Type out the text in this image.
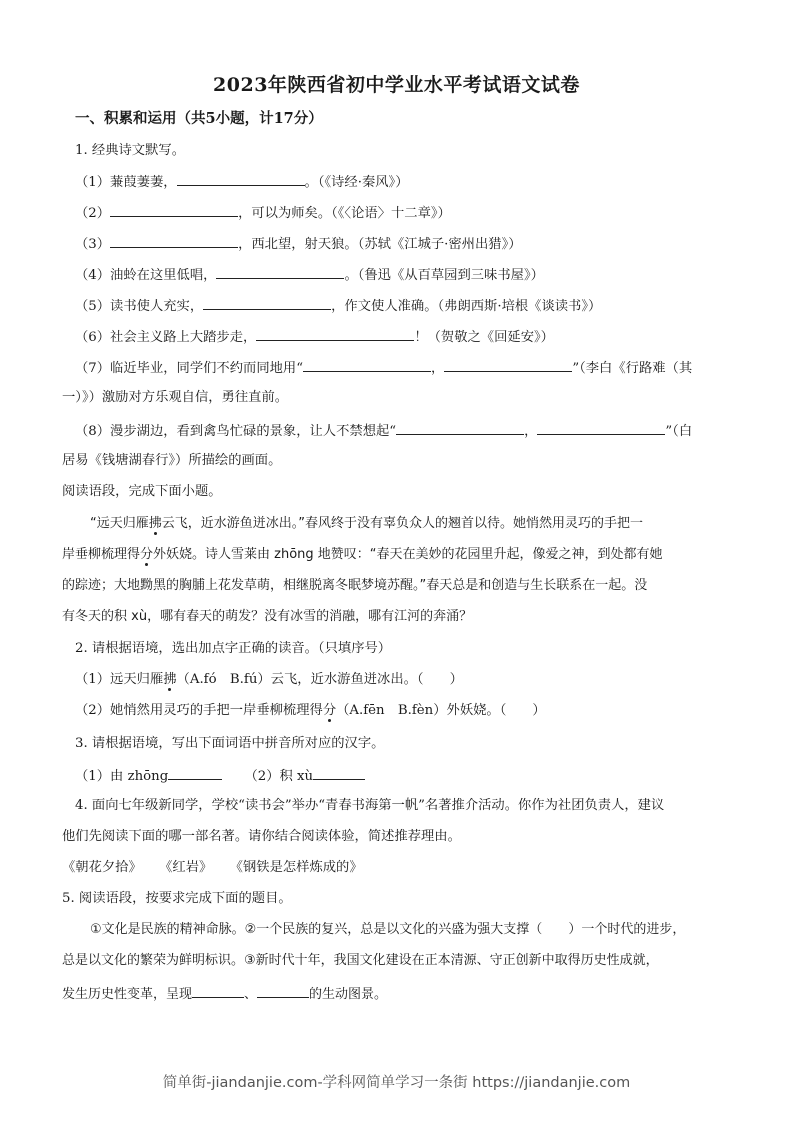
2023年陕西省初中学业水平考试语文试卷
一、积累和运用（共5小题，计17分）
1. 经典诗文默写。
（1）蒹葭萋萋，	。（《诗经·秦风》）
（2）	，可以为师矣。（《〈论语〉十二章》）
（3）	，西北望，射天狼。（苏轼《江城子·密州出猎》）
（4）油蛉在这里低唱，	。（鲁迅《从百草园到三味书屋》）
（5）读书使人充实，	，作文使人准确。（弗朗西斯·培根《谈读书》）
（6）社会主义路上大踏步走，	！（贺敬之《回延安》）
（7）临近毕业，同学们不约而同地用“	，	”（李白《行路难（其
一）》）激励对方乐观自信，勇往直前。
（8）漫步湖边，看到禽鸟忙碌的景象，让人不禁想起“	，	”（白
居易《钱塘湖春行》）所描绘的画面。
阅读语段，完成下面小题。
“远天归雁拂云飞，近水游鱼迸冰出。”春风终于没有辜负众人的翘首以待。她悄然用灵巧的手把一
岸垂柳梳理得分外妖娆。诗人雪莱由 zhōng 地赞叹：“春天在美妙的花园里升起，像爱之神，到处都有她
的踪迹；大地黝黑的胸脯上花发草萌，相继脱离冬眠梦境苏醒。”春天总是和创造与生长联系在一起。没
有冬天的积 xù，哪有春天的萌发？没有冰雪的消融，哪有江河的奔涌？
2. 请根据语境，选出加点字正确的读音。（只填序号）
（1）远天归雁拂（A.fó　B.fú）云飞，近水游鱼迸冰出。（ ）
（2）她悄然用灵巧的手把一岸垂柳梳理得分（A.fēn　B.fèn）外妖娆。（ ）
3. 请根据语境，写出下面词语中拼音所对应的汉字。
（1）由 zhōng	（2）积 xù
4. 面向七年级新同学，学校“读书会”举办“青春书海第一帆”名著推介活动。你作为社团负责人，建议
他们先阅读下面的哪一部名著。请你结合阅读体验，简述推荐理由。
《朝花夕拾》 《红岩》 《钢铁是怎样炼成的》
5. 阅读语段，按要求完成下面的题目。
①文化是民族的精神命脉。②一个民族的复兴，总是以文化的兴盛为强大支撑（ ）一个时代的进步，
总是以文化的繁荣为鲜明标识。③新时代十年，我国文化建设在正本清源、守正创新中取得历史性成就，
发生历史性变革，呈现	、	的生动图景。
简单街-jiandanjie.com-学科网简单学习一条街 https://jiandanjie.com
